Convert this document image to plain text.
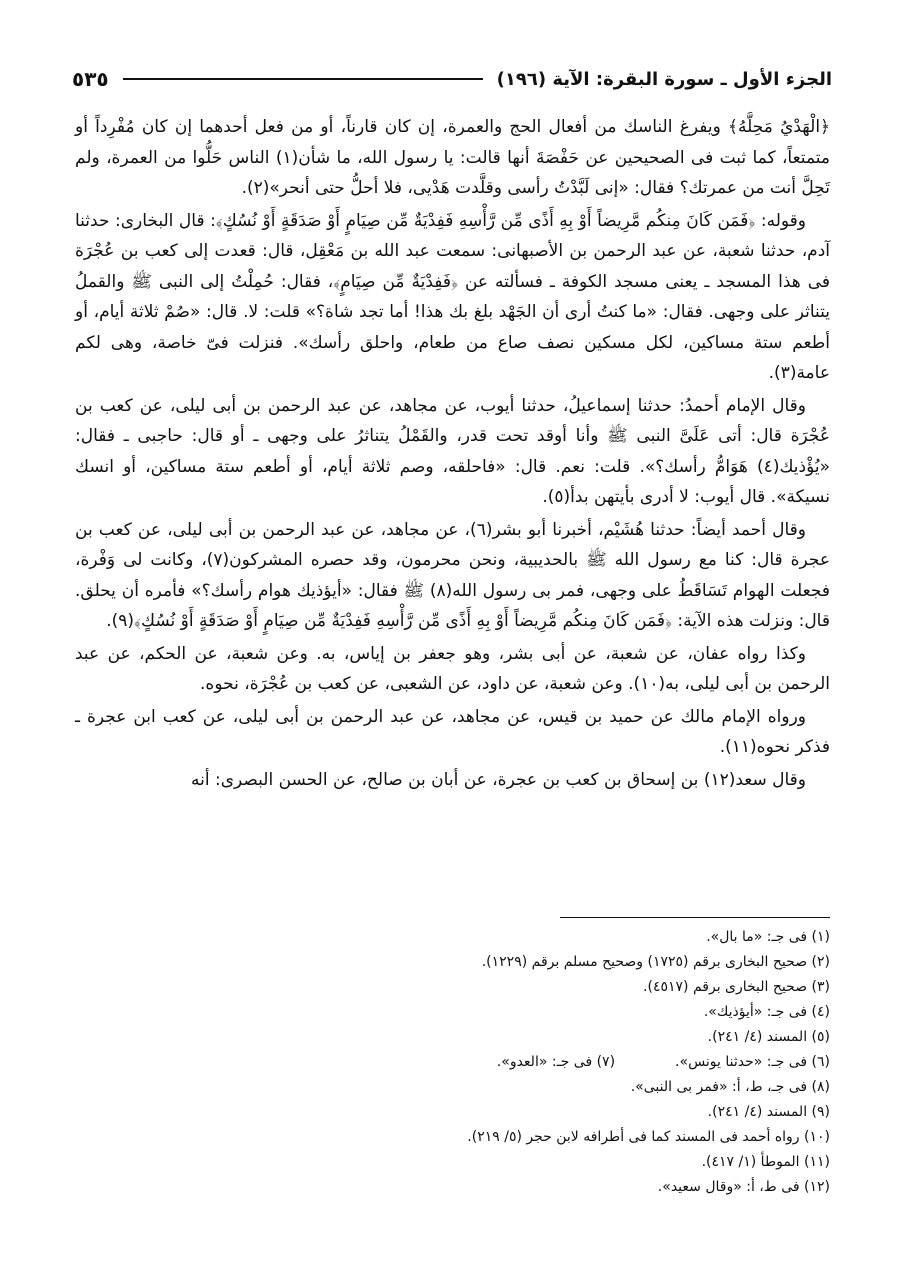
الجزء الأول ـ سورة البقرة: الآية (١٩٦)
٥٣٥

﴿الْهَدْيُ مَحِلَّهُ﴾ ويفرغ الناسك من أفعال الحج والعمرة، إن كان قارناً، أو من فعل أحدهما إن كان مُفْرِداً أو متمتعاً، كما ثبت فى الصحيحين عن حَفْصَةَ أنها قالت: يا رسول الله، ما شأن(١) الناس حَلُّوا من العمرة، ولم تَحِلَّ أنت من عمرتك؟ فقال: «إنى لَبَّدْتُ رأسى وقلَّدت هَدْيى، فلا أحلُّ حتى أنحر»(٢).

وقوله: ﴿فَمَن كَانَ مِنكُم مَّرِيضاً أَوْ بِهِ أَذًى مِّن رَّأْسِهِ فَفِدْيَةٌ مِّن صِيَامٍ أَوْ صَدَقَةٍ أَوْ نُسُكٍ﴾: قال البخارى: حدثنا آدم، حدثنا شعبة، عن عبد الرحمن بن الأصبهانى: سمعت عبد الله بن مَعْقِل، قال: قعدت إلى كعب بن عُجْرَة فى هذا المسجد ـ يعنى مسجد الكوفة ـ فسألته عن ﴿فَفِدْيَةٌ مِّن صِيَامٍ﴾، فقال: حُمِلْتُ إلى النبى ﷺ والقملُ يتناثر على وجهى. فقال: «ما كنتُ أرى أن الجَهْد بلغ بك هذا! أما تجد شاة؟» قلت: لا. قال: «صُمْ ثلاثة أيام، أو أطعم ستة مساكين، لكل مسكين نصف صاع من طعام، واحلق رأسك». فنزلت فىّ خاصة، وهى لكم عامة(٣).

وقال الإمام أحمدُ: حدثنا إسماعيلُ، حدثنا أيوب، عن مجاهد، عن عبد الرحمن بن أبى ليلى، عن كعب بن عُجْرَة قال: أتى عَلَىَّ النبى ﷺ وأنا أوقد تحت قدر، والقَمْلُ يتناثرُ على وجهى ـ أو قال: حاجبى ـ فقال: «يُؤْذيك(٤) هَوَامُّ رأسك؟». قلت: نعم. قال: «فاحلقه، وصم ثلاثة أيام، أو أطعم ستة مساكين، أو انسك نسيكة». قال أيوب: لا أدرى بأيتهن بدأ(٥).

وقال أحمد أيضاً: حدثنا هُشَيْم، أخبرنا أبو بشر(٦)، عن مجاهد، عن عبد الرحمن بن أبى ليلى، عن كعب بن عجرة قال: كنا مع رسول الله ﷺ بالحديبية، ونحن محرمون، وقد حصره المشركون(٧)، وكانت لى وَفْرة، فجعلت الهوام تَسَاقَطُ على وجهى، فمر بى رسول الله(٨) ﷺ فقال: «أيؤذيك هوام رأسك؟» فأمره أن يحلق. قال: ونزلت هذه الآية: ﴿فَمَن كَانَ مِنكُم مَّرِيضاً أَوْ بِهِ أَذًى مِّن رَّأْسِهِ فَفِدْيَةٌ مِّن صِيَامٍ أَوْ صَدَقَةٍ أَوْ نُسُكٍ﴾(٩).

وكذا رواه عفان، عن شعبة، عن أبى بشر، وهو جعفر بن إياس، به. وعن شعبة، عن الحكم، عن عبد الرحمن بن أبى ليلى، به(١٠). وعن شعبة، عن داود، عن الشعبى، عن كعب بن عُجْرَة، نحوه.

ورواه الإمام مالك عن حميد بن قيس، عن مجاهد، عن عبد الرحمن بن أبى ليلى، عن كعب ابن عجرة ـ فذكر نحوه(١١).

وقال سعد(١٢) بن إسحاق بن كعب بن عجرة، عن أبان بن صالح، عن الحسن البصرى: أنه

(١) فى جـ: «ما بال».
(٢) صحيح البخارى برقم (١٧٢٥) وصحيح مسلم برقم (١٢٢٩).
(٣) صحيح البخارى برقم (٤٥١٧).
(٤) فى جـ: «أيؤذيك».
(٥) المسند (٤/ ٢٤١).
(٦) فى جـ: «حدثنا يونس».
(٧) فى جـ: «العدو».
(٨) فى جـ، ط، أ: «فمر بى النبى».
(٩) المسند (٤/ ٢٤١).
(١٠) رواه أحمد فى المسند كما فى أطرافه لابن حجر (٥/ ٢١٩).
(١١) الموطأ (١/ ٤١٧).
(١٢) فى ط، أ: «وقال سعيد».
